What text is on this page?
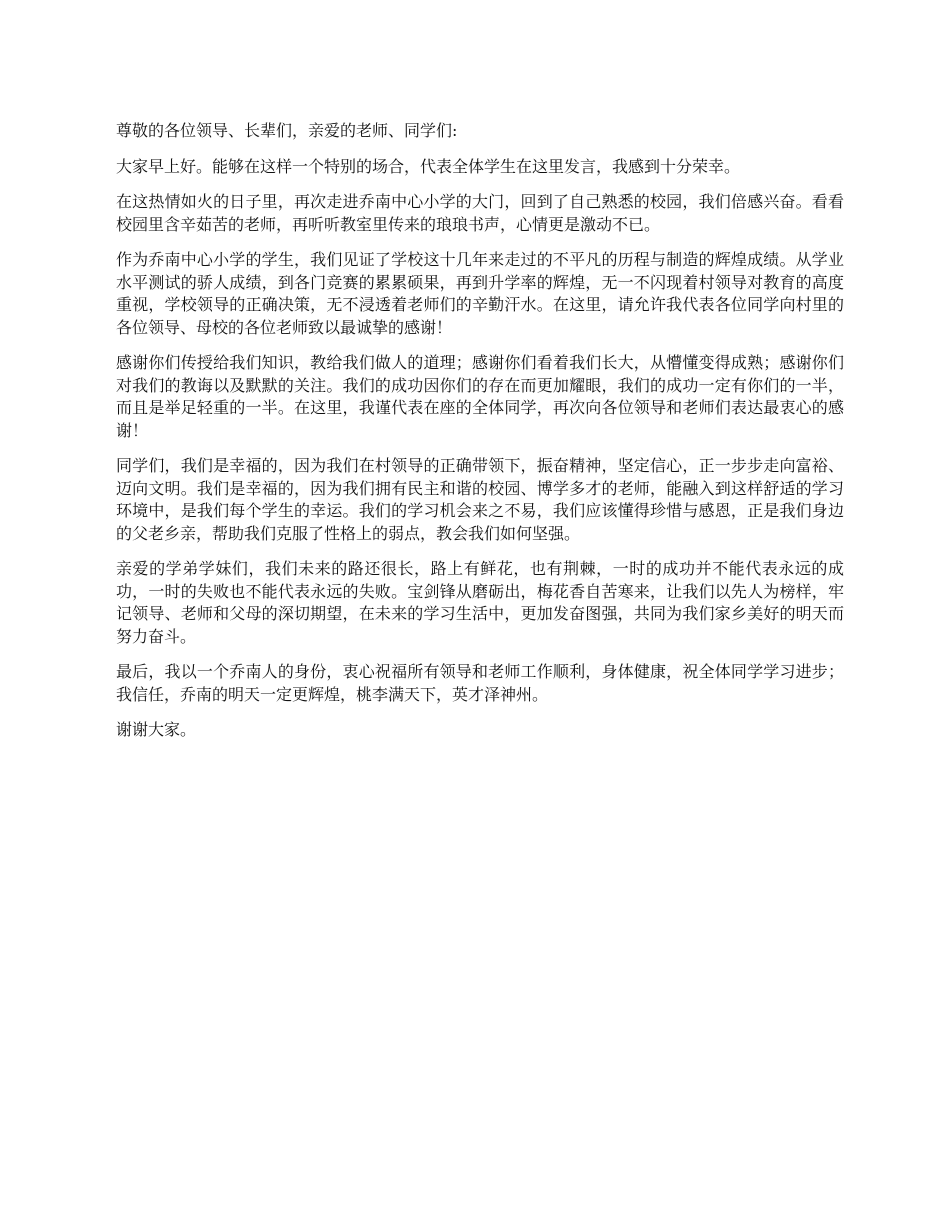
尊敬的各位领导、长辈们，亲爱的老师、同学们:

大家早上好。能够在这样一个特别的场合，代表全体学生在这里发言，我感到十分荣幸。

在这热情如火的日子里，再次走进乔南中心小学的大门，回到了自己熟悉的校园，我们倍感兴奋。看看校园里含辛茹苦的老师，再听听教室里传来的琅琅书声，心情更是激动不已。

作为乔南中心小学的学生，我们见证了学校这十几年来走过的不平凡的历程与制造的辉煌成绩。从学业水平测试的骄人成绩，到各门竞赛的累累硕果，再到升学率的辉煌，无一不闪现着村领导对教育的高度重视，学校领导的正确决策，无不浸透着老师们的辛勤汗水。在这里，请允许我代表各位同学向村里的各位领导、母校的各位老师致以最诚挚的感谢！

感谢你们传授给我们知识，教给我们做人的道理；感谢你们看着我们长大，从懵懂变得成熟；感谢你们对我们的教诲以及默默的关注。我们的成功因你们的存在而更加耀眼，我们的成功一定有你们的一半，而且是举足轻重的一半。在这里，我谨代表在座的全体同学，再次向各位领导和老师们表达最衷心的感谢！

同学们，我们是幸福的，因为我们在村领导的正确带领下，振奋精神，坚定信心，正一步步走向富裕、迈向文明。我们是幸福的，因为我们拥有民主和谐的校园、博学多才的老师，能融入到这样舒适的学习环境中，是我们每个学生的幸运。我们的学习机会来之不易，我们应该懂得珍惜与感恩，正是我们身边的父老乡亲，帮助我们克服了性格上的弱点，教会我们如何坚强。

亲爱的学弟学妹们，我们未来的路还很长，路上有鲜花，也有荆棘，一时的成功并不能代表永远的成功，一时的失败也不能代表永远的失败。宝剑锋从磨砺出，梅花香自苦寒来，让我们以先人为榜样，牢记领导、老师和父母的深切期望，在未来的学习生活中，更加发奋图强，共同为我们家乡美好的明天而努力奋斗。

最后，我以一个乔南人的身份，衷心祝福所有领导和老师工作顺利，身体健康，祝全体同学学习进步；我信任，乔南的明天一定更辉煌，桃李满天下，英才泽神州。

谢谢大家。
